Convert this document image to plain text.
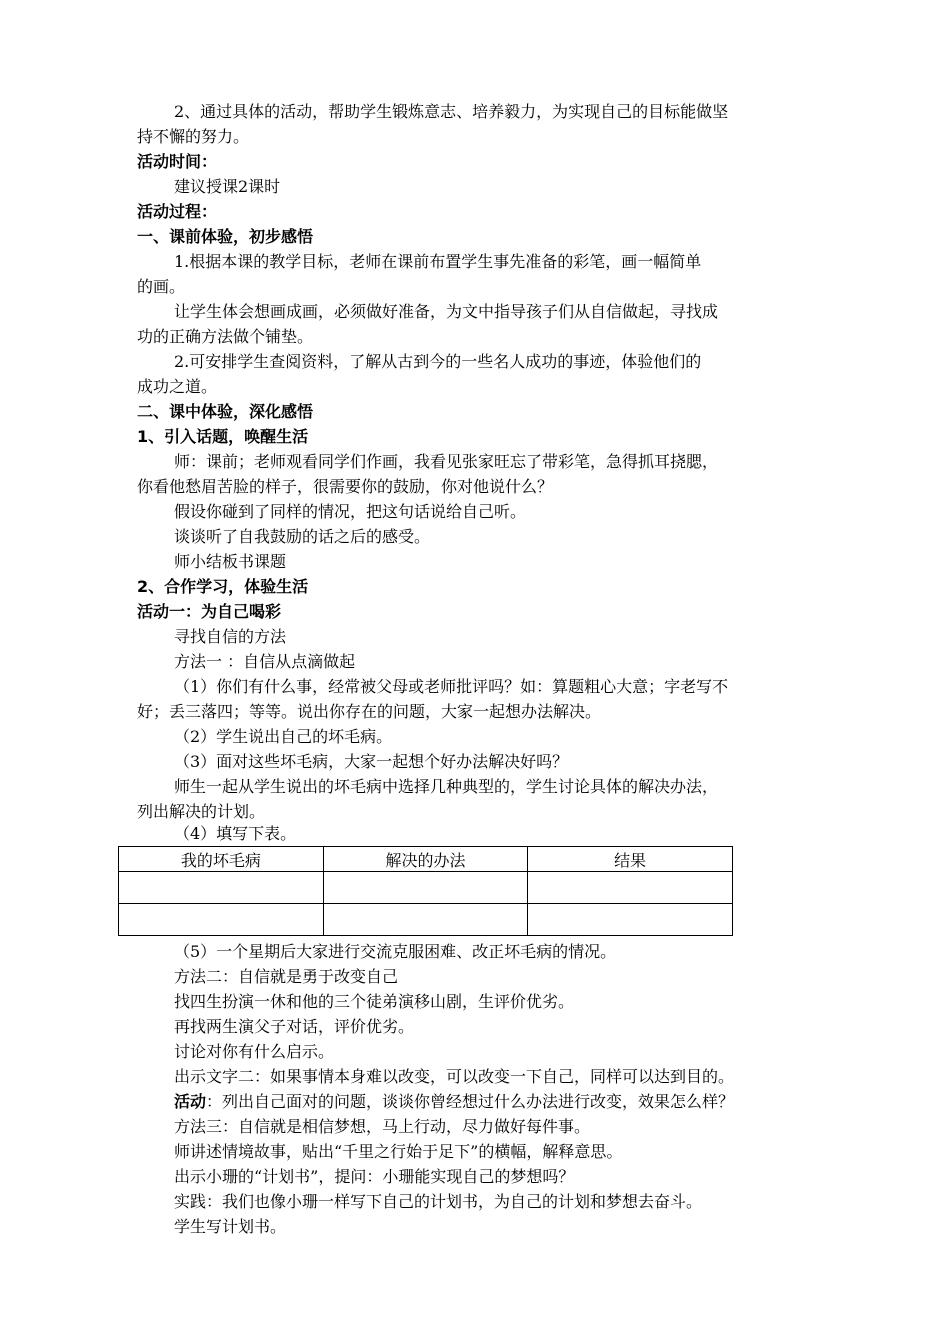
2、通过具体的活动，帮助学生锻炼意志、培养毅力，为实现自己的目标能做坚
持不懈的努力。
活动时间：
建议授课2课时
活动过程：
一、课前体验，初步感悟
1.根据本课的教学目标，老师在课前布置学生事先准备的彩笔，画一幅简单
的画。
让学生体会想画成画，必须做好准备，为文中指导孩子们从自信做起，寻找成
功的正确方法做个铺垫。
2.可安排学生查阅资料，了解从古到今的一些名人成功的事迹，体验他们的
成功之道。
二、课中体验，深化感悟
1、引入话题，唤醒生活
师：课前；老师观看同学们作画，我看见张家旺忘了带彩笔，急得抓耳挠腮，
你看他愁眉苦脸的样子，很需要你的鼓励，你对他说什么？
假设你碰到了同样的情况，把这句话说给自己听。
谈谈听了自我鼓励的话之后的感受。
师小结板书课题
2、合作学习，体验生活
活动一：为自己喝彩
寻找自信的方法
方法一 ：自信从点滴做起
（1）你们有什么事，经常被父母或老师批评吗？如：算题粗心大意；字老写不
好；丢三落四；等等。说出你存在的问题，大家一起想办法解决。
（2）学生说出自己的坏毛病。
（3）面对这些坏毛病，大家一起想个好办法解决好吗？
师生一起从学生说出的坏毛病中选择几种典型的，学生讨论具体的解决办法，
列出解决的计划。
（4）填写下表。
我的坏毛病	解决的办法	结果

（5）一个星期后大家进行交流克服困难、改正坏毛病的情况。
方法二：自信就是勇于改变自己
找四生扮演一休和他的三个徒弟演移山剧，生评价优劣。
再找两生演父子对话，评价优劣。
讨论对你有什么启示。
出示文字二：如果事情本身难以改变，可以改变一下自己，同样可以达到目的。
活动：列出自己面对的问题，谈谈你曾经想过什么办法进行改变，效果怎么样？
方法三：自信就是相信梦想，马上行动，尽力做好每件事。
师讲述情境故事，贴出“千里之行始于足下”的横幅，解释意思。
出示小珊的“计划书”，提问：小珊能实现自己的梦想吗？
实践：我们也像小珊一样写下自己的计划书，为自己的计划和梦想去奋斗。
学生写计划书。
